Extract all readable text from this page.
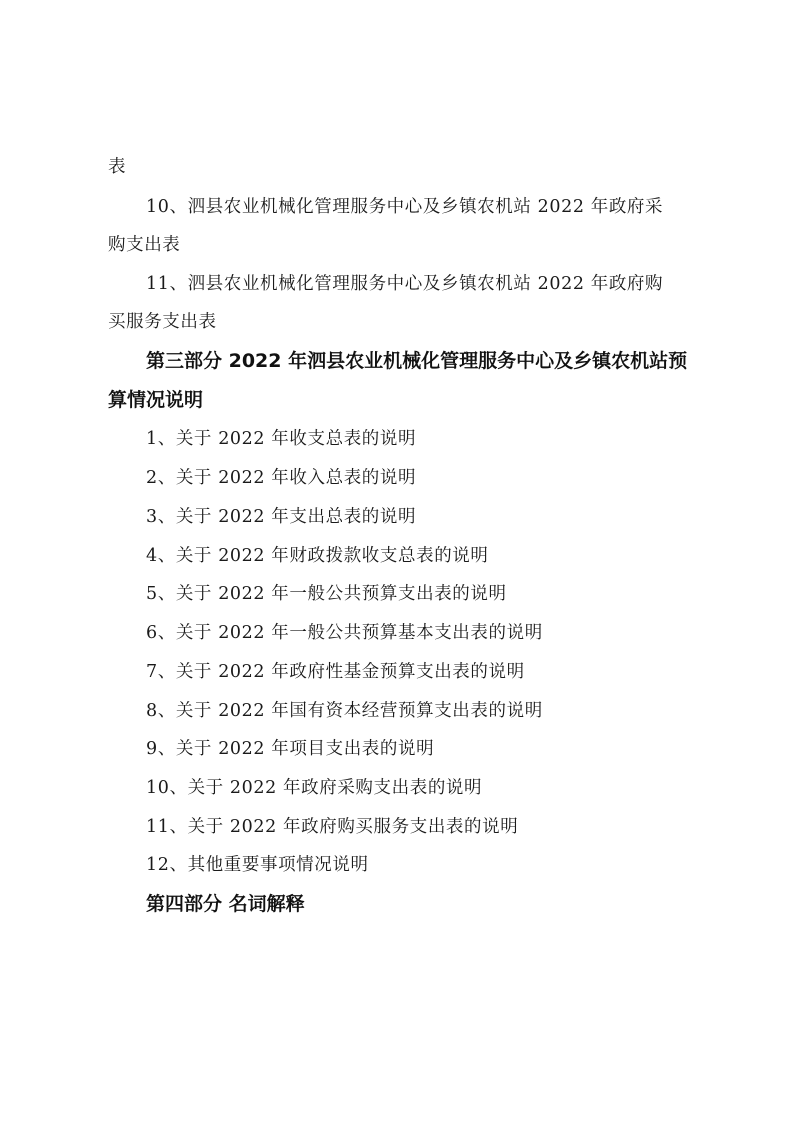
表
10、泗县农业机械化管理服务中心及乡镇农机站 2022 年政府采
购支出表
11、泗县农业机械化管理服务中心及乡镇农机站 2022 年政府购
买服务支出表
第三部分 2022 年泗县农业机械化管理服务中心及乡镇农机站预
算情况说明
1、关于 2022 年收支总表的说明
2、关于 2022 年收入总表的说明
3、关于 2022 年支出总表的说明
4、关于 2022 年财政拨款收支总表的说明
5、关于 2022 年一般公共预算支出表的说明
6、关于 2022 年一般公共预算基本支出表的说明
7、关于 2022 年政府性基金预算支出表的说明
8、关于 2022 年国有资本经营预算支出表的说明
9、关于 2022 年项目支出表的说明
10、关于 2022 年政府采购支出表的说明
11、关于 2022 年政府购买服务支出表的说明
12、其他重要事项情况说明
第四部分 名词解释
